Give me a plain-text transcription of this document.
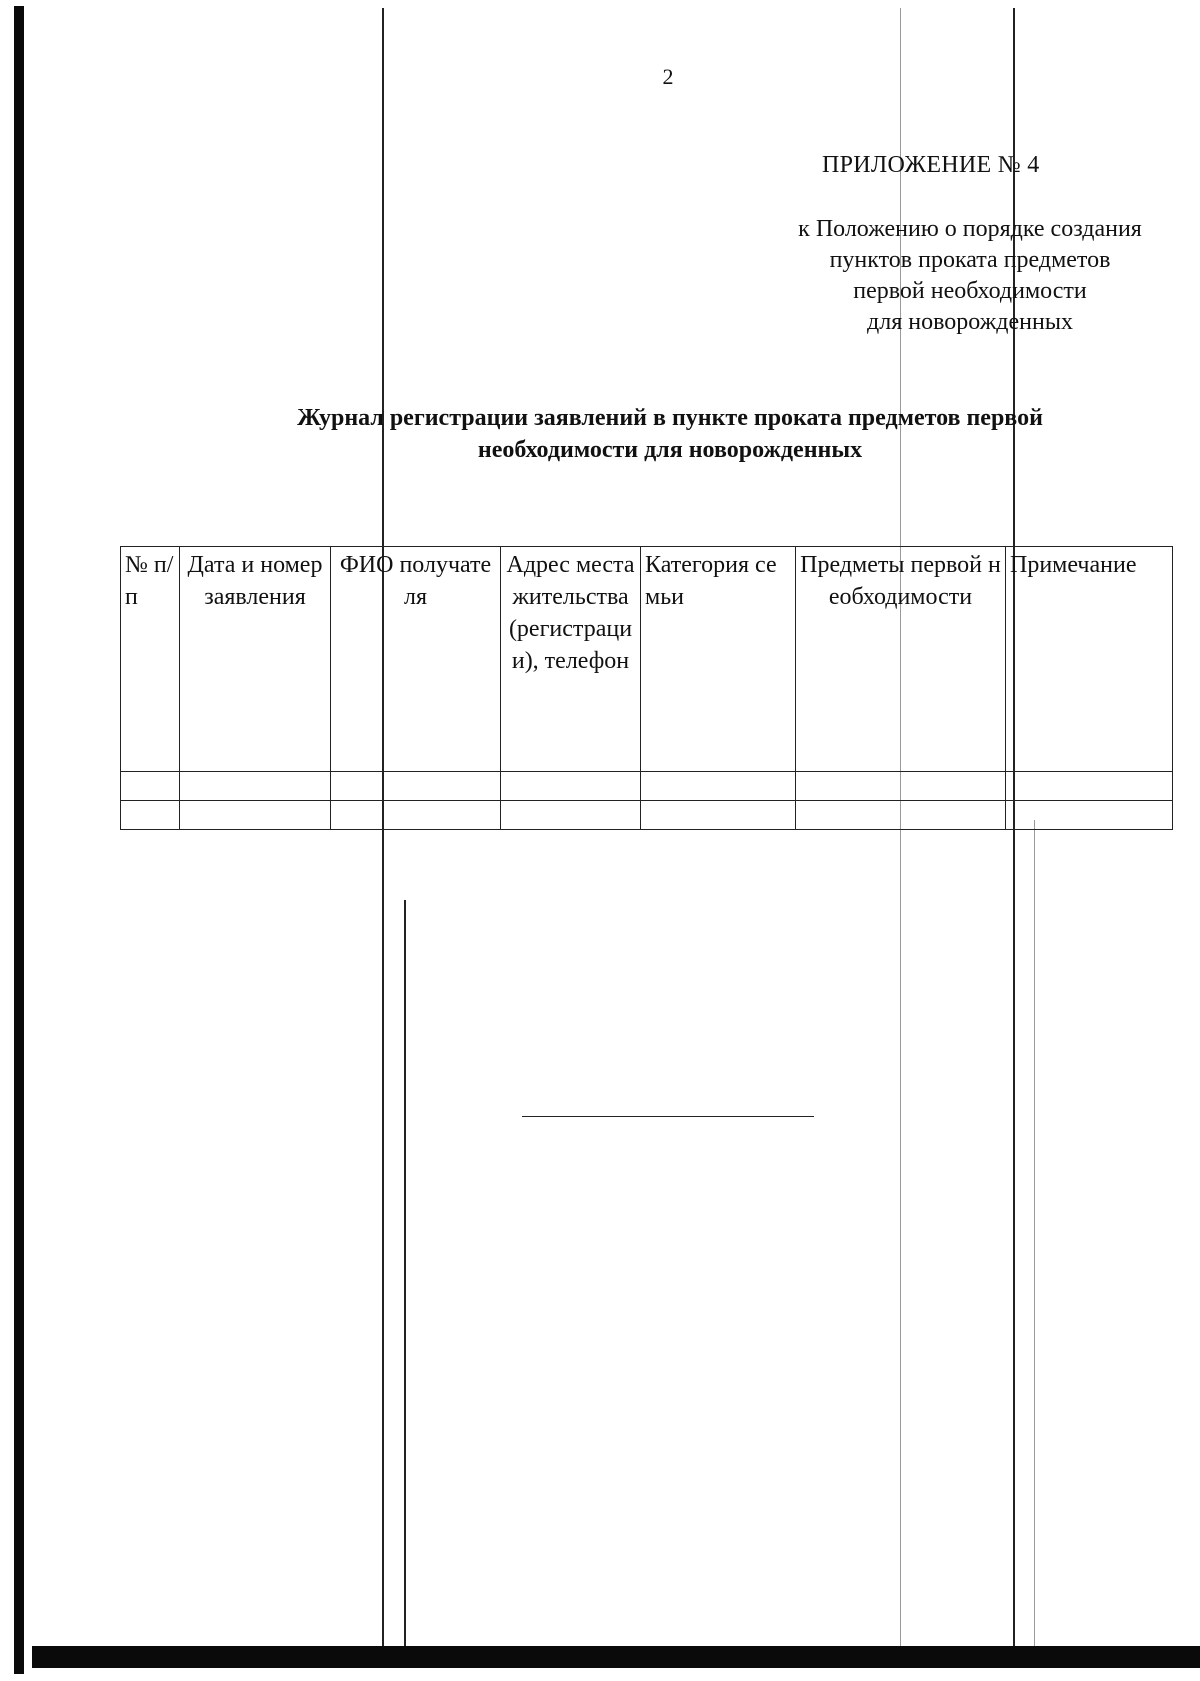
2
ПРИЛОЖЕНИЕ № 4
к Положению о порядке создания
пунктов проката предметов
первой необходимости
для новорожденных
Журнал регистрации заявлений в пункте проката предметов первой
необходимости для новорожденных
№ п/п	Дата и номер заявления	ФИО получателя	Адрес места жительства (регистрации), телефон	Категория семьи	Предметы первой необходимости	Примечание
